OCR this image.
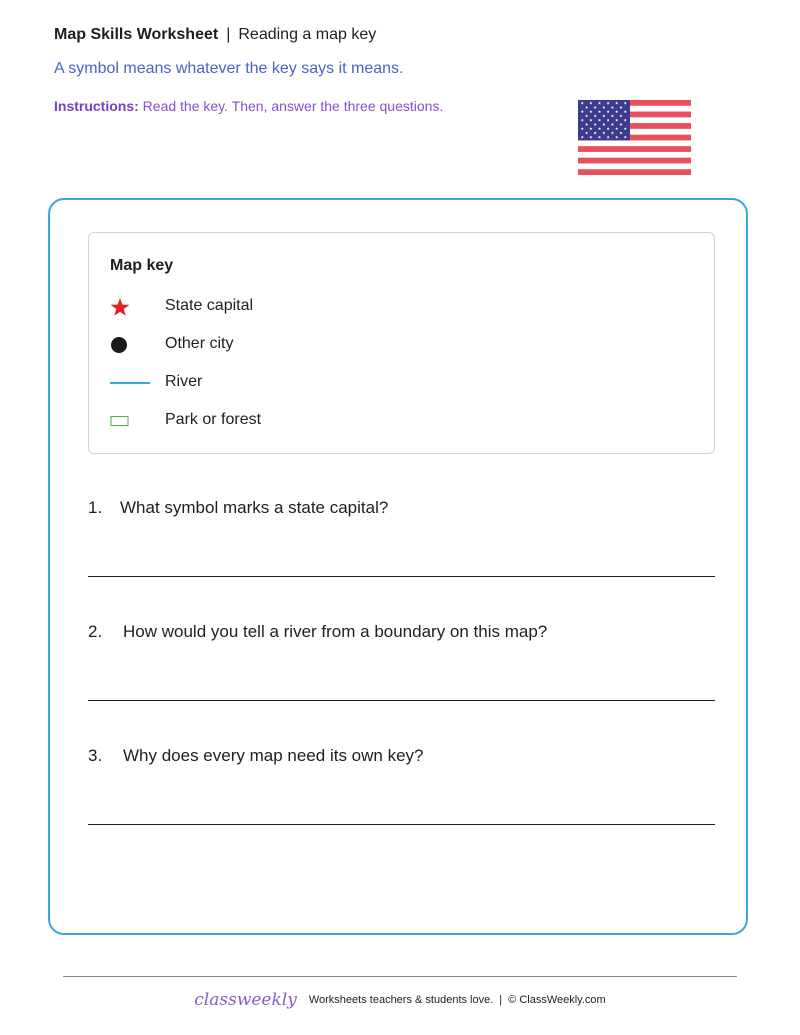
Map Skills Worksheet | Reading a map key
A symbol means whatever the key says it means.
Instructions: Read the key. Then, answer the three questions.
Map key
State capital
Other city
River
Park or forest
1. What symbol marks a state capital?
2. How would you tell a river from a boundary on this map?
3. Why does every map need its own key?
classweekly Worksheets teachers & students love. | © ClassWeekly.com
